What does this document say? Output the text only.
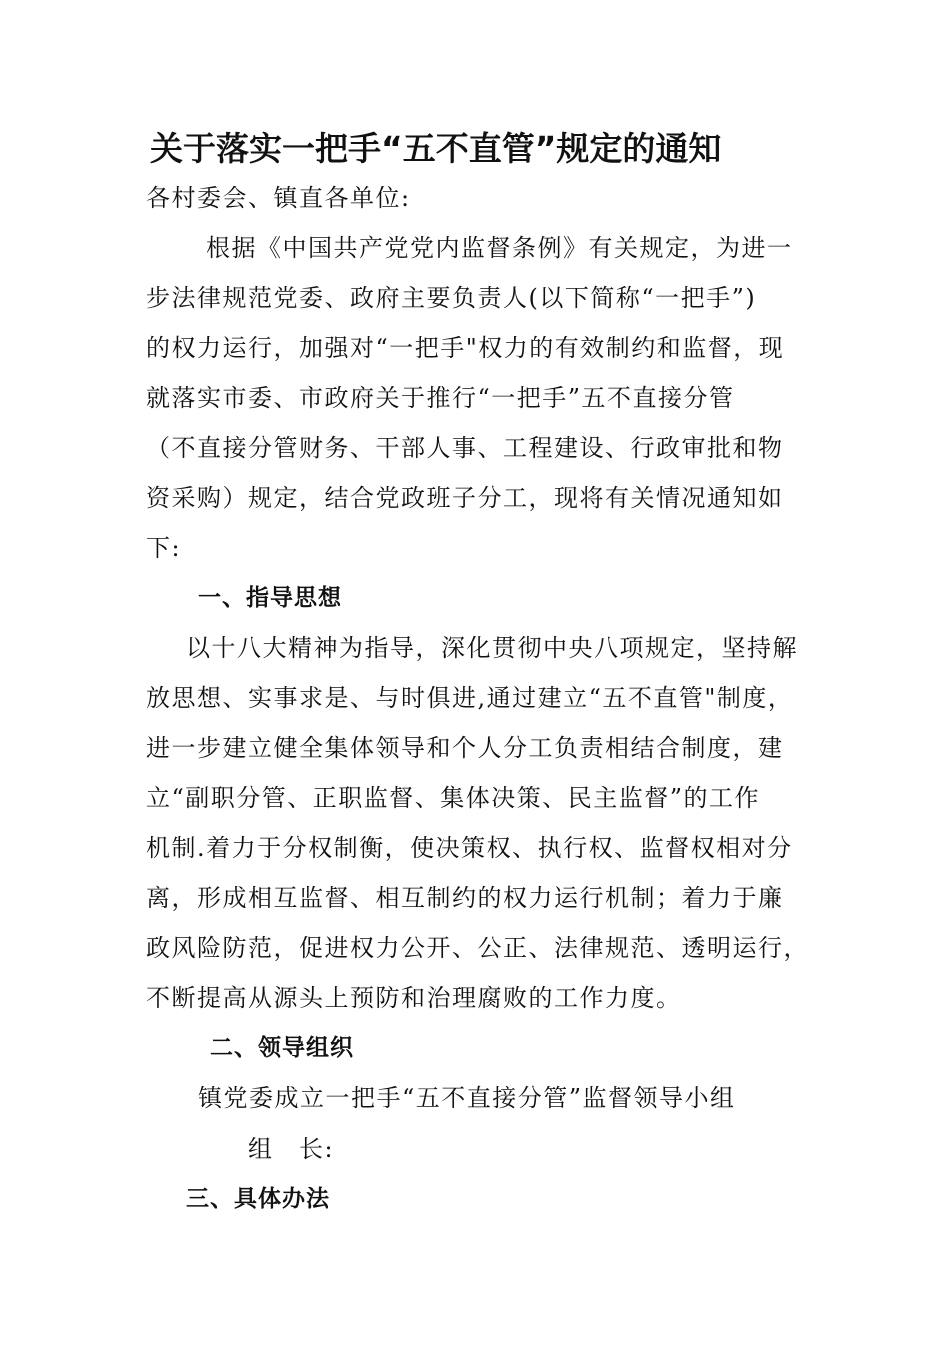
关于落实一把手“五不直管”规定的通知
各村委会、镇直各单位:
根据《中国共产党党内监督条例》有关规定，为进一
步法律规范党委、政府主要负责人(以下简称“一把手”)
的权力运行，加强对“一把手"权力的有效制约和监督，现
就落实市委、市政府关于推行“一把手”五不直接分管
（不直接分管财务、干部人事、工程建设、行政审批和物
资采购）规定，结合党政班子分工，现将有关情况通知如
下:
一、指导思想
以十八大精神为指导，深化贯彻中央八项规定，坚持解
放思想、实事求是、与时俱进,通过建立“五不直管"制度，
进一步建立健全集体领导和个人分工负责相结合制度，建
立“副职分管、正职监督、集体决策、民主监督”的工作
机制.着力于分权制衡，使决策权、执行权、监督权相对分
离，形成相互监督、相互制约的权力运行机制；着力于廉
政风险防范，促进权力公开、公正、法律规范、透明运行，
不断提高从源头上预防和治理腐败的工作力度。
二、领导组织
镇党委成立一把手“五不直接分管”监督领导小组
组　长:
三、具体办法
